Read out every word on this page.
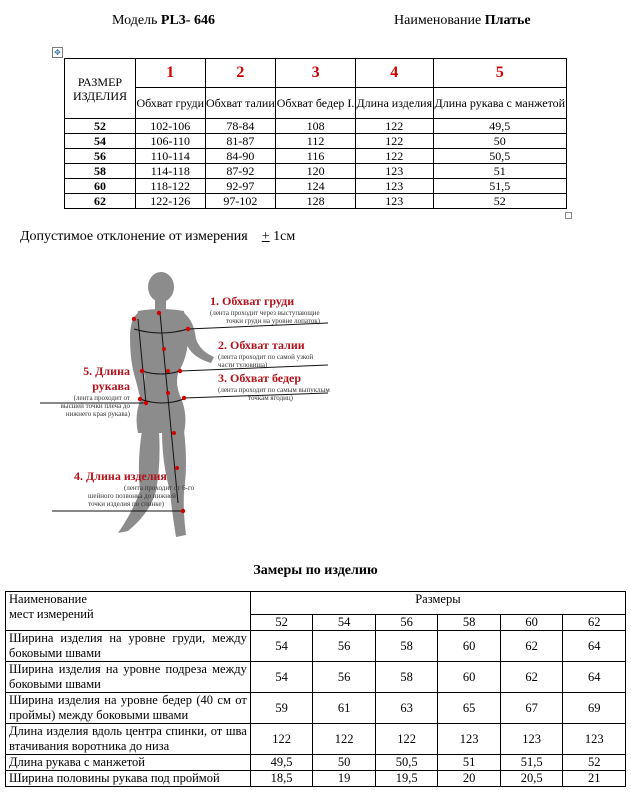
Модель PL3- 646	Наименование Платье
✥
РАЗМЕР ИЗДЕЛИЯ	1	2	3	4	5
	Обхват груди	Обхват талии	Обхват бедер I.	Длина изделия	Длина рукава с манжетой
52	102-106	78-84	108	122	49,5
54	106-110	81-87	112	122	50
56	110-114	84-90	116	122	50,5
58	114-118	87-92	120	123	51
60	118-122	92-97	124	123	51,5
62	122-126	97-102	128	123	52
Допустимое отклонение от измерения + 1см
1. Обхват груди
(лента проходит через выступающие
точки груди на уровне лопаток)
2. Обхват талии
(лента проходит по самой узкой
части туловища)
3. Обхват бедер
(лента проходит по самым выпуклым
точкам ягодиц)
5. Длина рукава
(лента проходит от
высшей точки плеча до
нижнего края рукава)
4. Длина изделия
(лента проходит от 6-го
шейного позвонка до нижней
точки изделия по спинке)
Замеры по изделию
Наименование
мест измерений	Размеры					
	52	54	56	58	60	62
Ширина изделия на уровне груди, между боковыми швами	54	56	58	60	62	64
Ширина изделия на уровне подреза между боковыми швами	54	56	58	60	62	64
Ширина изделия на уровне бедер (40 см от проймы) между боковыми швами	59	61	63	65	67	69
Длина изделия вдоль центра спинки, от шва втачивания воротника до низа	122	122	122	123	123	123
Длина рукава с манжетой	49,5	50	50,5	51	51,5	52
Ширина половины рукава под проймой	18,5	19	19,5	20	20,5	21
